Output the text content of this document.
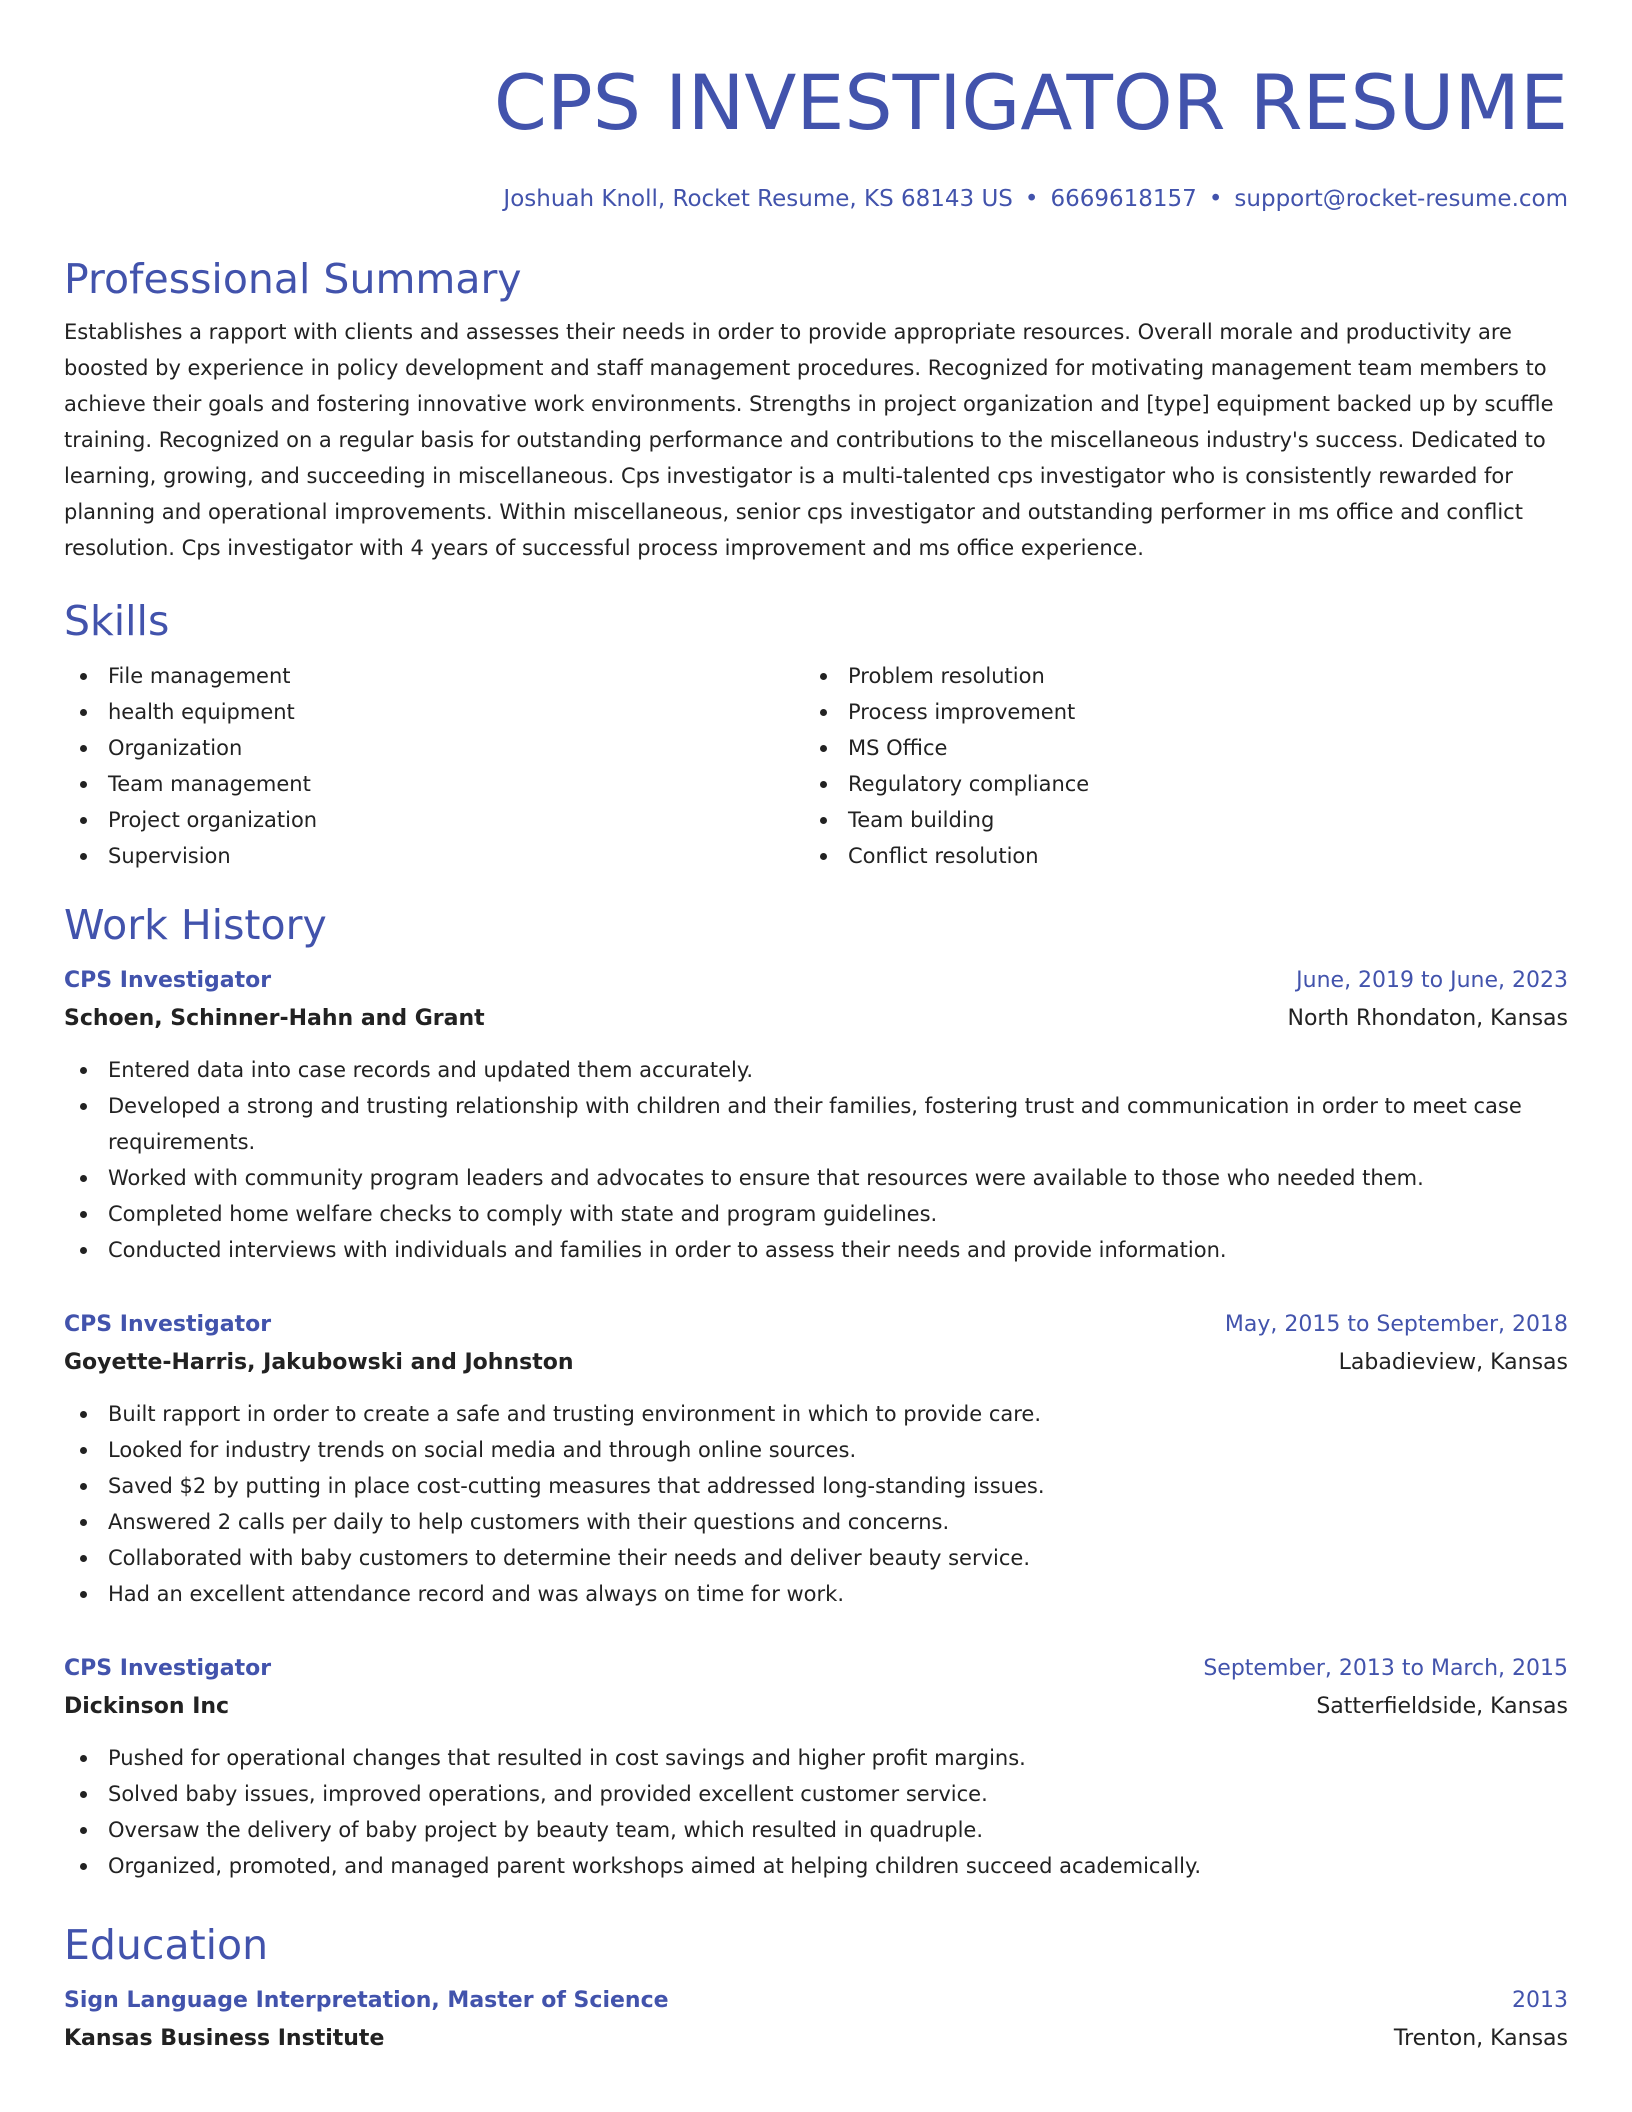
CPS INVESTIGATOR RESUME
Joshuah Knoll, Rocket Resume, KS 68143 US • 6669618157 • support@rocket-resume.com
Professional Summary

Establishes a rapport with clients and assesses their needs in order to provide appropriate resources. Overall morale and productivity are boosted by experience in policy development and staff management procedures. Recognized for motivating management team members to achieve their goals and fostering innovative work environments. Strengths in project organization and [type] equipment backed up by scuffle training. Recognized on a regular basis for outstanding performance and contributions to the miscellaneous industry's success. Dedicated to learning, growing, and succeeding in miscellaneous. Cps investigator is a multi-talented cps investigator who is consistently rewarded for planning and operational improvements. Within miscellaneous, senior cps investigator and outstanding performer in ms office and conflict resolution. Cps investigator with 4 years of successful process improvement and ms office experience.

Skills
File management
health equipment
Organization
Team management
Project organization
Supervision
Problem resolution
Process improvement
MS Office
Regulatory compliance
Team building
Conflict resolution
Work History
CPS Investigator	June, 2019 to June, 2023
Schoen, Schinner-Hahn and Grant	North Rhondaton, Kansas
Entered data into case records and updated them accurately.
Developed a strong and trusting relationship with children and their families, fostering trust and communication in order to meet case requirements.
Worked with community program leaders and advocates to ensure that resources were available to those who needed them.
Completed home welfare checks to comply with state and program guidelines.
Conducted interviews with individuals and families in order to assess their needs and provide information.
CPS Investigator	May, 2015 to September, 2018
Goyette-Harris, Jakubowski and Johnston	Labadieview, Kansas
Built rapport in order to create a safe and trusting environment in which to provide care.
Looked for industry trends on social media and through online sources.
Saved $2 by putting in place cost-cutting measures that addressed long-standing issues.
Answered 2 calls per daily to help customers with their questions and concerns.
Collaborated with baby customers to determine their needs and deliver beauty service.
Had an excellent attendance record and was always on time for work.
CPS Investigator	September, 2013 to March, 2015
Dickinson Inc	Satterfieldside, Kansas
Pushed for operational changes that resulted in cost savings and higher profit margins.
Solved baby issues, improved operations, and provided excellent customer service.
Oversaw the delivery of baby project by beauty team, which resulted in quadruple.
Organized, promoted, and managed parent workshops aimed at helping children succeed academically.
Education
Sign Language Interpretation, Master of Science	2013
Kansas Business Institute	Trenton, Kansas
